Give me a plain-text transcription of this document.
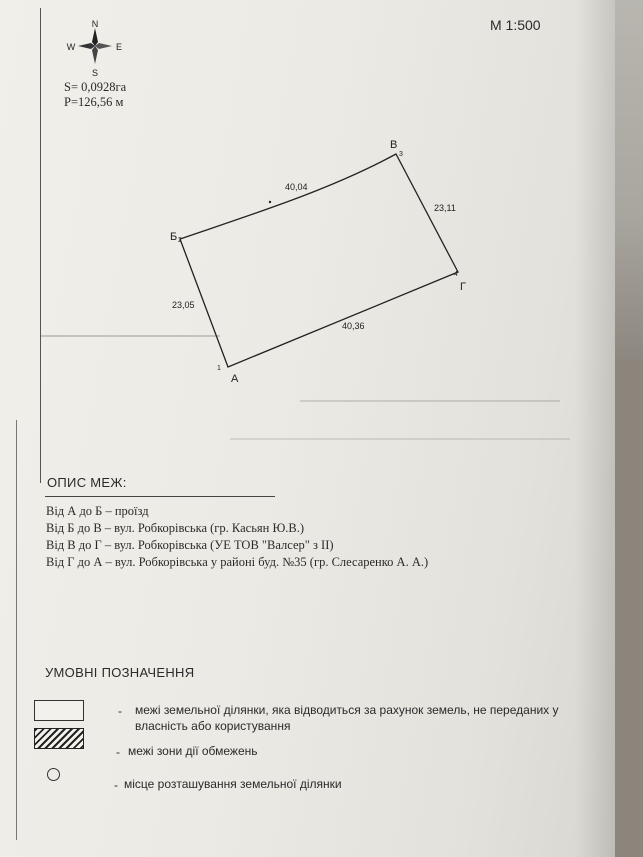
М 1:500
N
S
W	E
S= 0,0928га
P=126,56 м
А
1
Б 2
В
3
Г
4
23,05
40,04
23,11
40,36
ОПИС МЕЖ:
Від А до Б – проїзд
Від Б до В – вул. Робкорівська (гр. Касьян Ю.В.)
Від В до Г – вул. Робкорівська (УЕ ТОВ "Валсер" з ІІ)
Від Г до А – вул. Робкорівська у районі буд. №35 (гр. Слесаренко А. А.)
УМОВНІ ПОЗНАЧЕННЯ
- межі земельної ділянки, яка відводиться за рахунок земель, не переданих у
власність або користування
- межі зони дії обмежень
- місце розташування земельної ділянки
